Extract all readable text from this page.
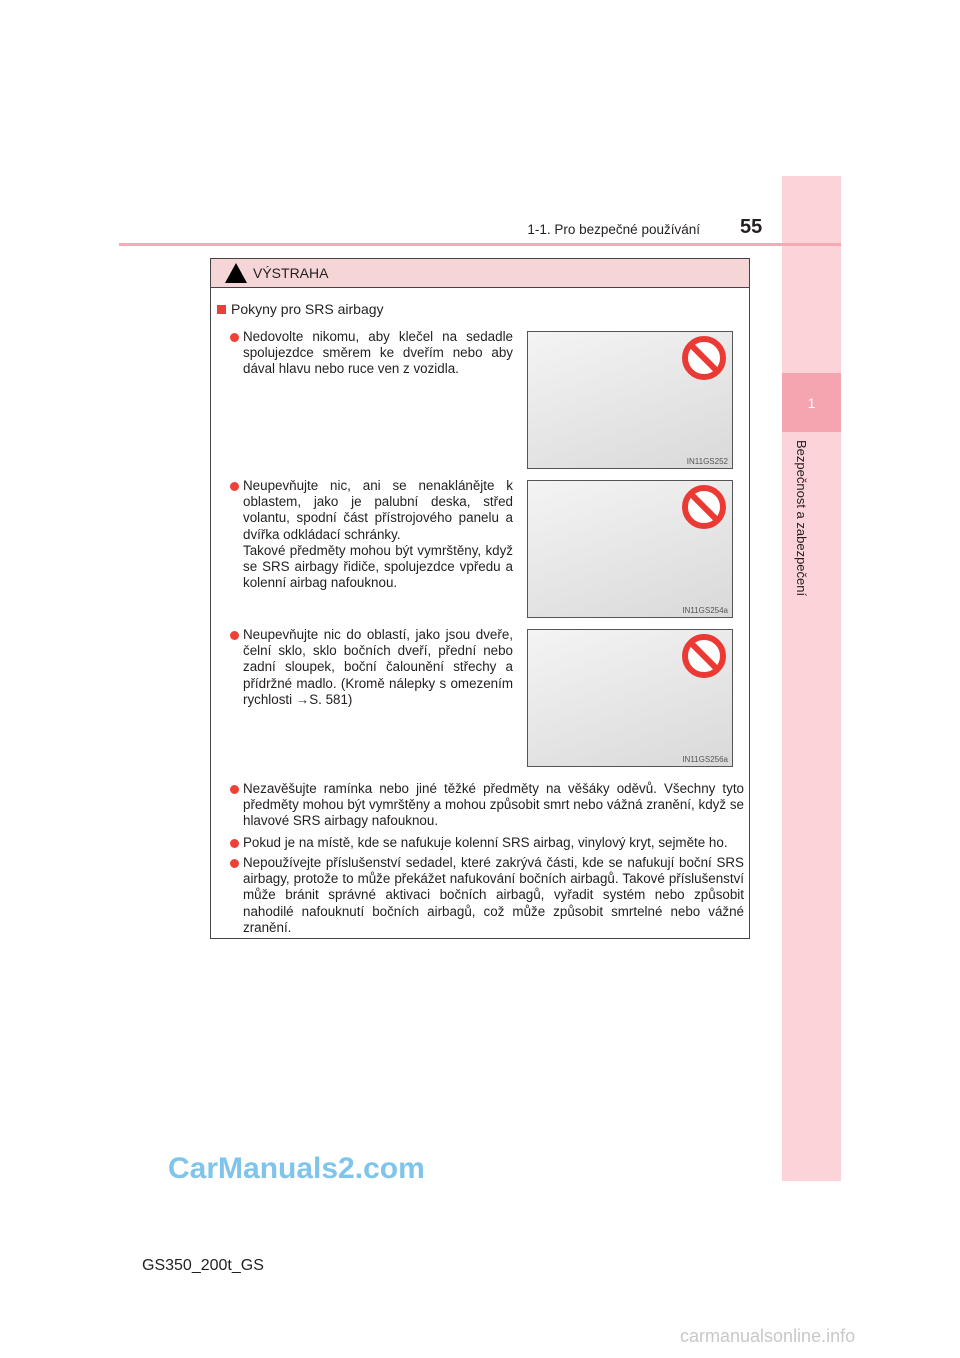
1
Bezpečnost a zabezpečení
1-1. Pro bezpečné používání 55
VÝSTRAHA
Pokyny pro SRS airbagy
Nedovolte nikomu, aby klečel na sedadle spolujezdce směrem ke dveřím nebo aby dával hlavu nebo ruce ven z vozidla.
IN11GS252
Neupevňujte nic, ani se nenaklánějte k oblastem, jako je palubní deska, střed volantu, spodní část přístrojového panelu a dvířka odkládací schránky.
Takové předměty mohou být vymrštěny, když se SRS airbagy řidiče, spolujezdce vpředu a kolenní airbag nafouknou.
IN11GS254a
Neupevňujte nic do oblastí, jako jsou dveře, čelní sklo, sklo bočních dveří, přední nebo zadní sloupek, boční čalounění střechy a přídržné madlo. (Kromě nálepky s omezením rychlosti →S. 581)
IN11GS256a
Nezavěšujte ramínka nebo jiné těžké předměty na věšáky oděvů. Všechny tyto předměty mohou být vymrštěny a mohou způsobit smrt nebo vážná zranění, když se hlavové SRS airbagy nafouknou.
Pokud je na místě, kde se nafukuje kolenní SRS airbag, vinylový kryt, sejměte ho.
Nepoužívejte příslušenství sedadel, které zakrývá části, kde se nafukují boční SRS airbagy, protože to může překážet nafukování bočních airbagů. Takové příslušenství může bránit správné aktivaci bočních airbagů, vyřadit systém nebo způsobit nahodilé nafouknutí bočních airbagů, což může způsobit smrtelné nebo vážné zranění.
CarManuals2.com
GS350_200t_GS
carmanualsonline.info
